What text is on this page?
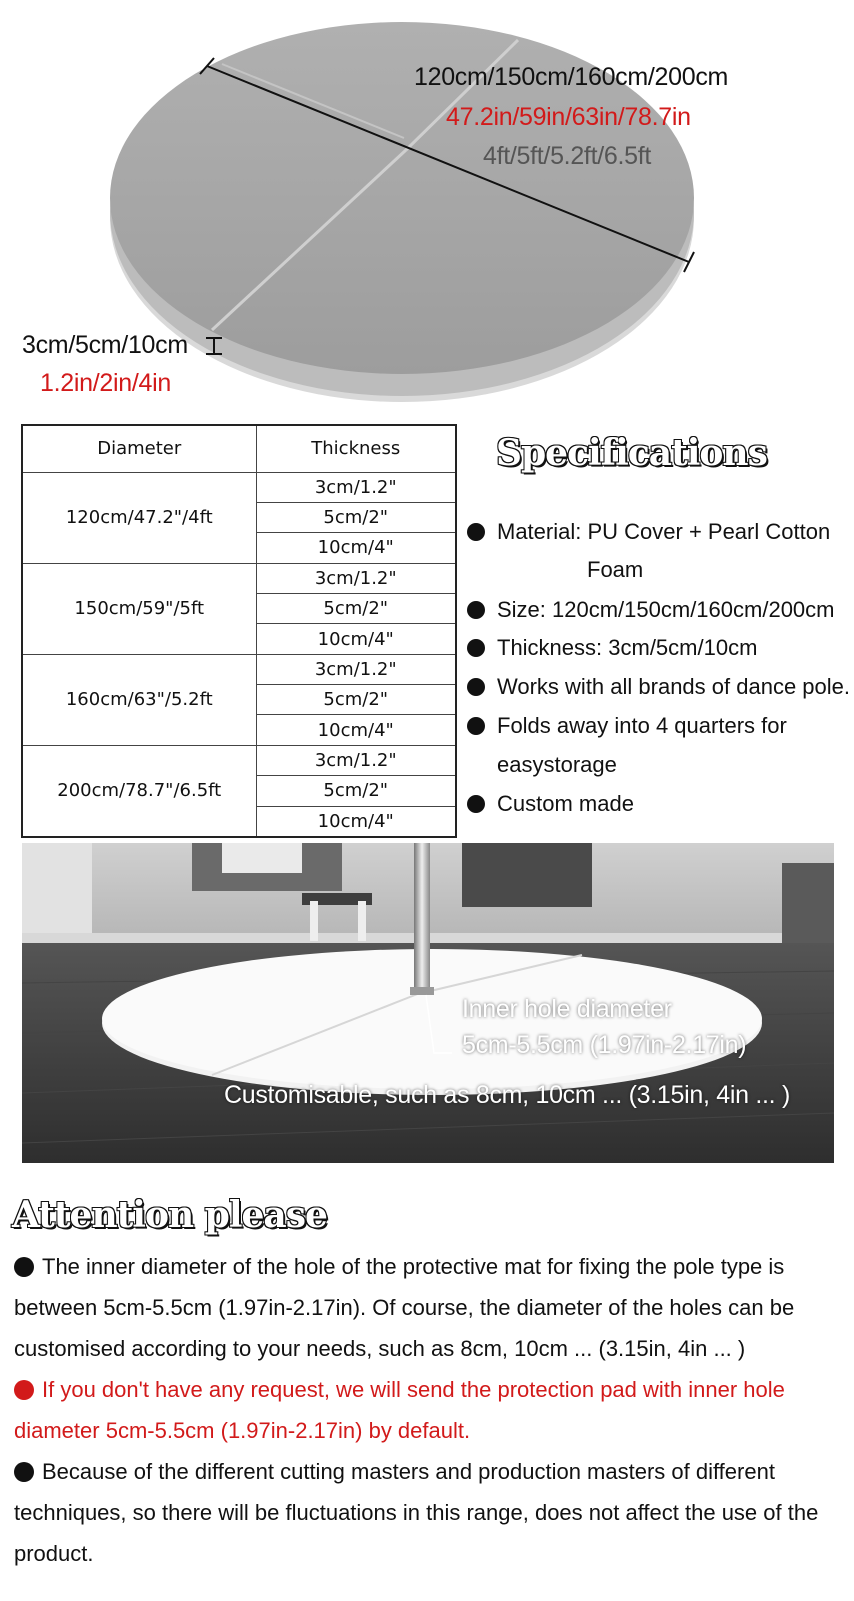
120cm/150cm/160cm/200cm
47.2in/59in/63in/78.7in
4ft/5ft/5.2ft/6.5ft
3cm/5cm/10cm
1.2in/2in/4in
Diameter	Thickness
120cm/47.2"/4ft	3cm/1.2"
	5cm/2"
	10cm/4"
150cm/59"/5ft	3cm/1.2"
	5cm/2"
	10cm/4"
160cm/63"/5.2ft	3cm/1.2"
	5cm/2"
	10cm/4"
200cm/78.7"/6.5ft	3cm/1.2"
	5cm/2"
	10cm/4"
Specifications
Material: PU Cover + Pearl Cotton
Foam
Size: 120cm/150cm/160cm/200cm
Thickness: 3cm/5cm/10cm
Works with all brands of dance pole.
Folds away into 4 quarters for
easystorage
Custom made
Inner hole diameter
5cm-5.5cm (1.97in-2.17in)
Customisable, such as 8cm, 10cm ... (3.15in, 4in ... )
Attention please
The inner diameter of the hole of the protective mat for fixing the pole type is between 5cm-5.5cm (1.97in-2.17in). Of course, the diameter of the holes can be customised according to your needs, such as 8cm, 10cm ... (3.15in, 4in ... )
If you don't have any request, we will send the protection pad with inner hole diameter 5cm-5.5cm (1.97in-2.17in) by default.
Because of the different cutting masters and production masters of different techniques, so there will be fluctuations in this range, does not affect the use of the product.
